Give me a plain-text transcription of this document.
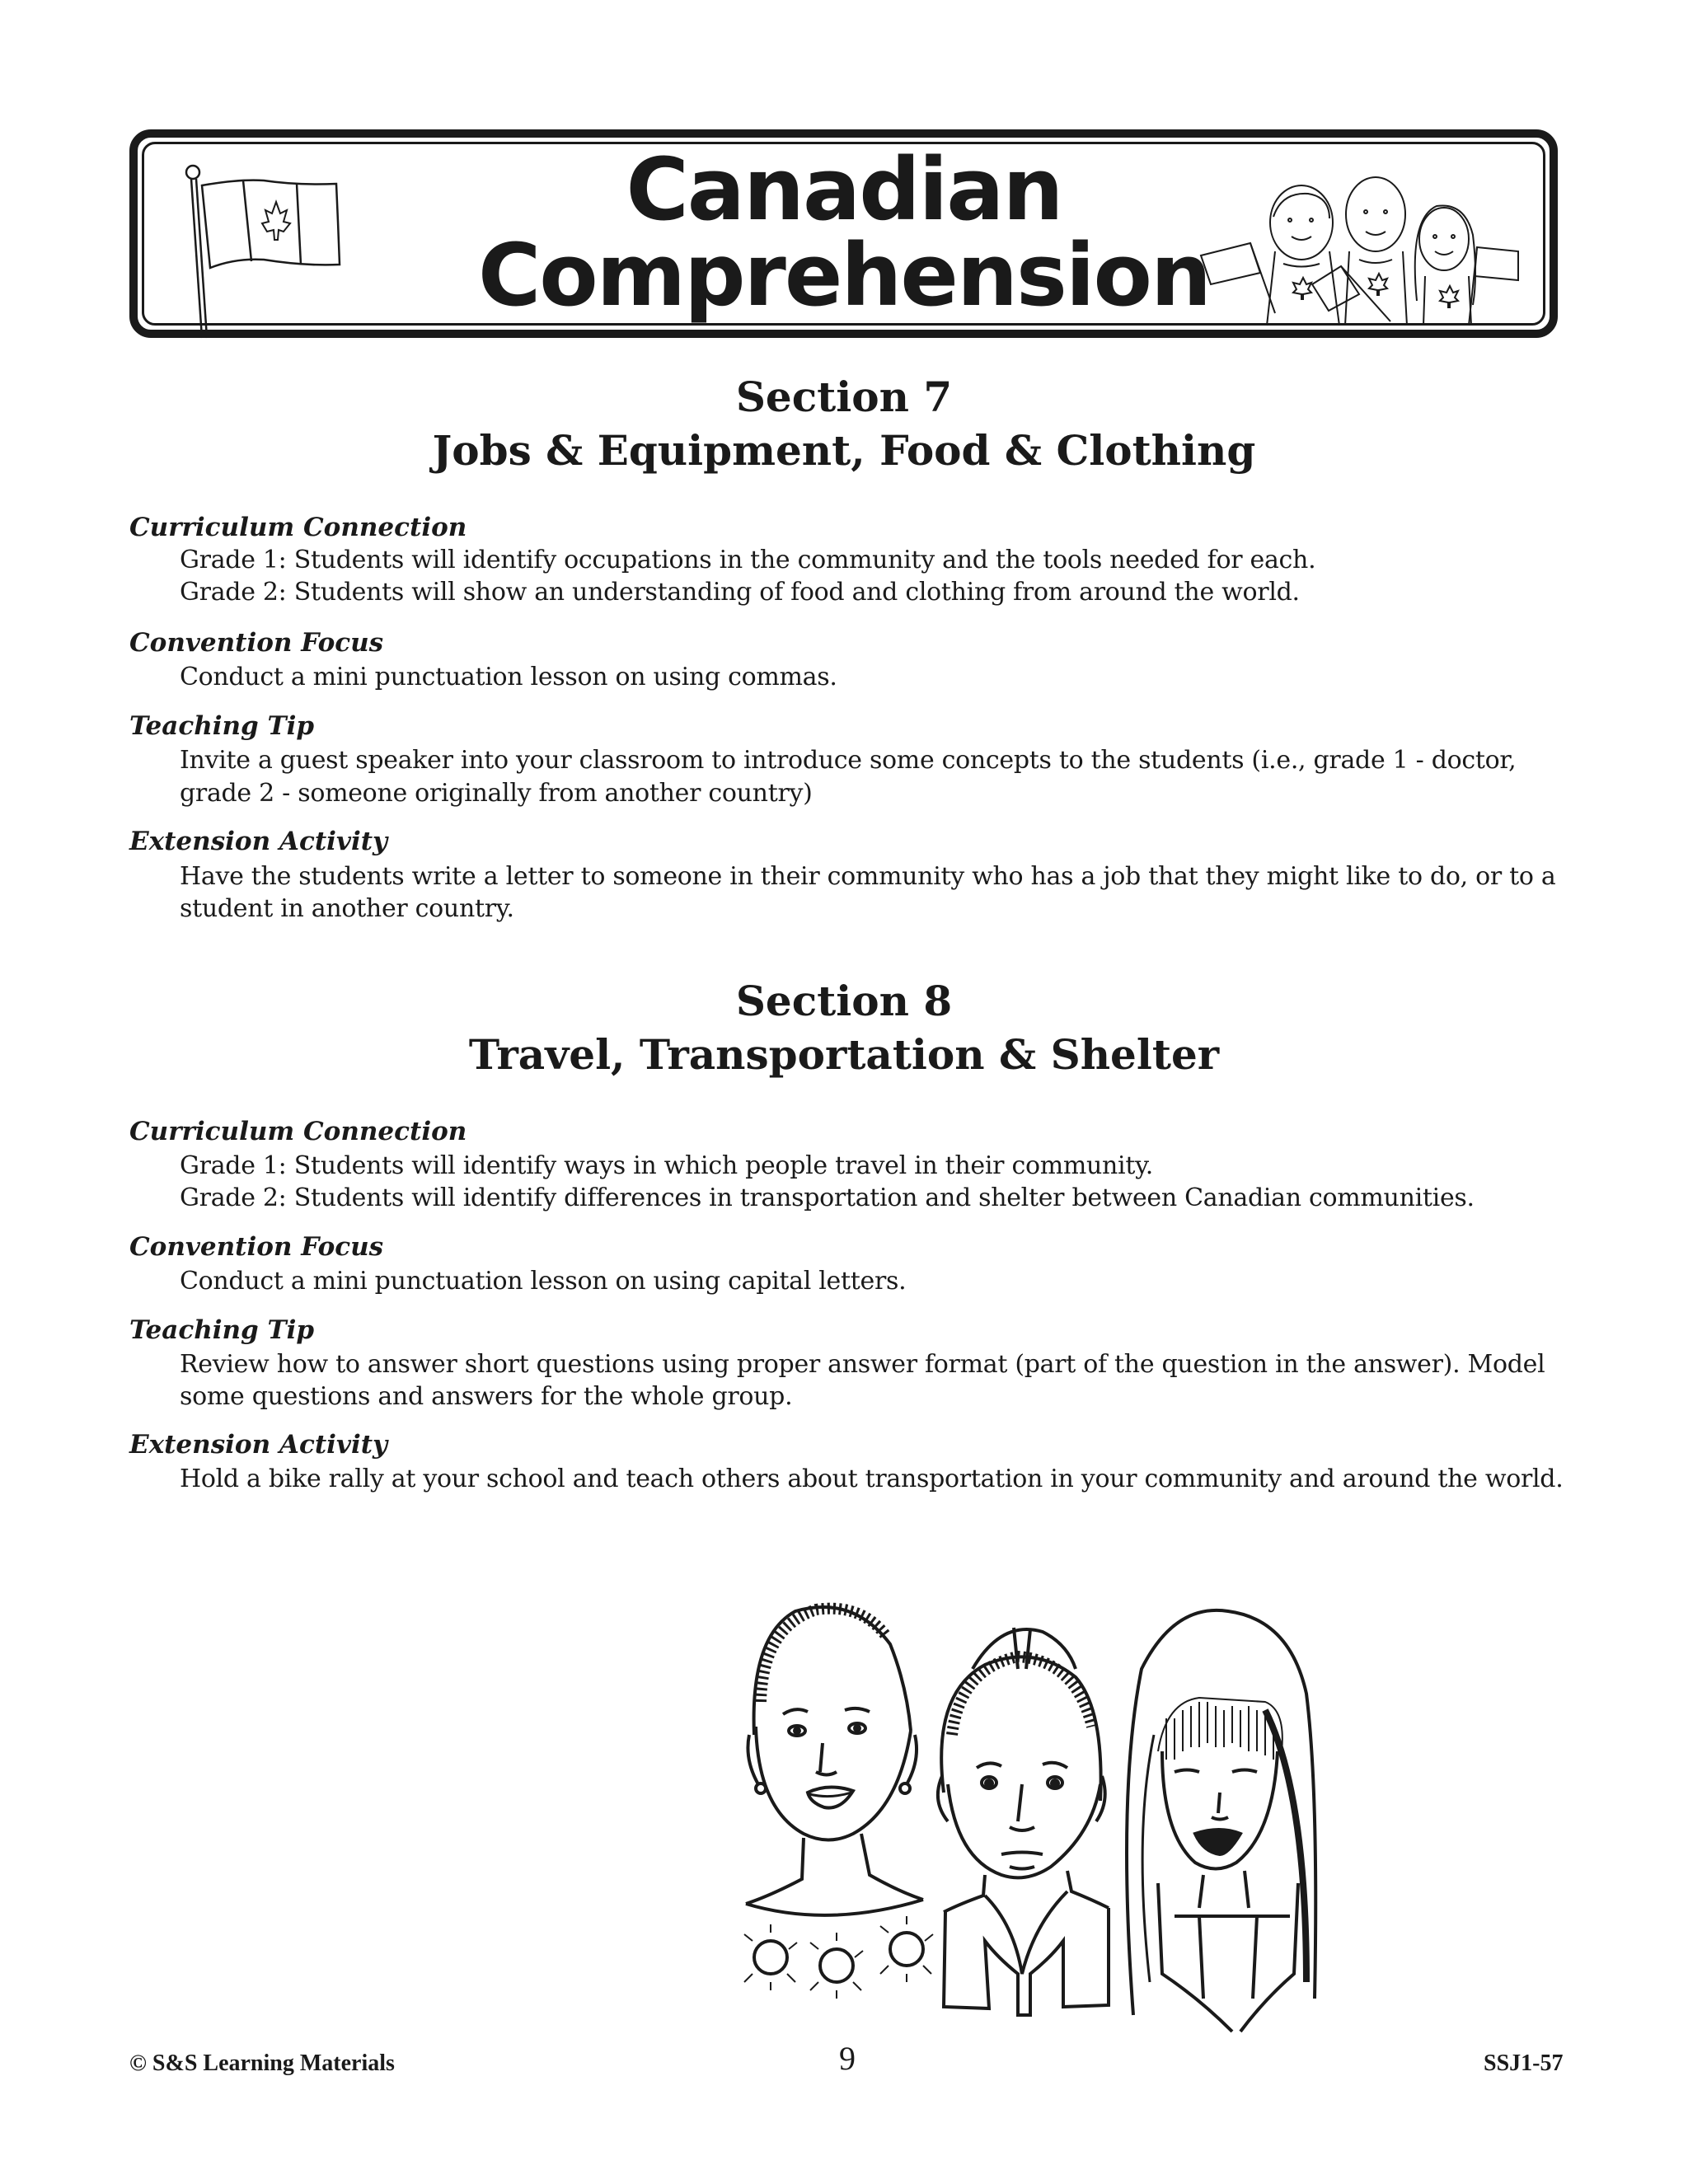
Canadian
Comprehension
Section 7
Jobs & Equipment, Food & Clothing
Curriculum Connection
Grade 1: Students will identify occupations in the community and the tools needed for each.
Grade 2: Students will show an understanding of food and clothing from around the world.
Convention Focus
Conduct a mini punctuation lesson on using commas.
Teaching Tip
Invite a guest speaker into your classroom to introduce some concepts to the students (i.e., grade 1 - doctor,
grade 2 - someone originally from another country)
Extension Activity
Have the students write a letter to someone in their community who has a job that they might like to do, or to a
student in another country.
Section 8
Travel, Transportation & Shelter
Curriculum Connection
Grade 1: Students will identify ways in which people travel in their community.
Grade 2: Students will identify differences in transportation and shelter between Canadian communities.
Convention Focus
Conduct a mini punctuation lesson on using capital letters.
Teaching Tip
Review how to answer short questions using proper answer format (part of the question in the answer). Model
some questions and answers for the whole group.
Extension Activity
Hold a bike rally at your school and teach others about transportation in your community and around the world.
© S&S Learning Materials	9	SSJ1-57
